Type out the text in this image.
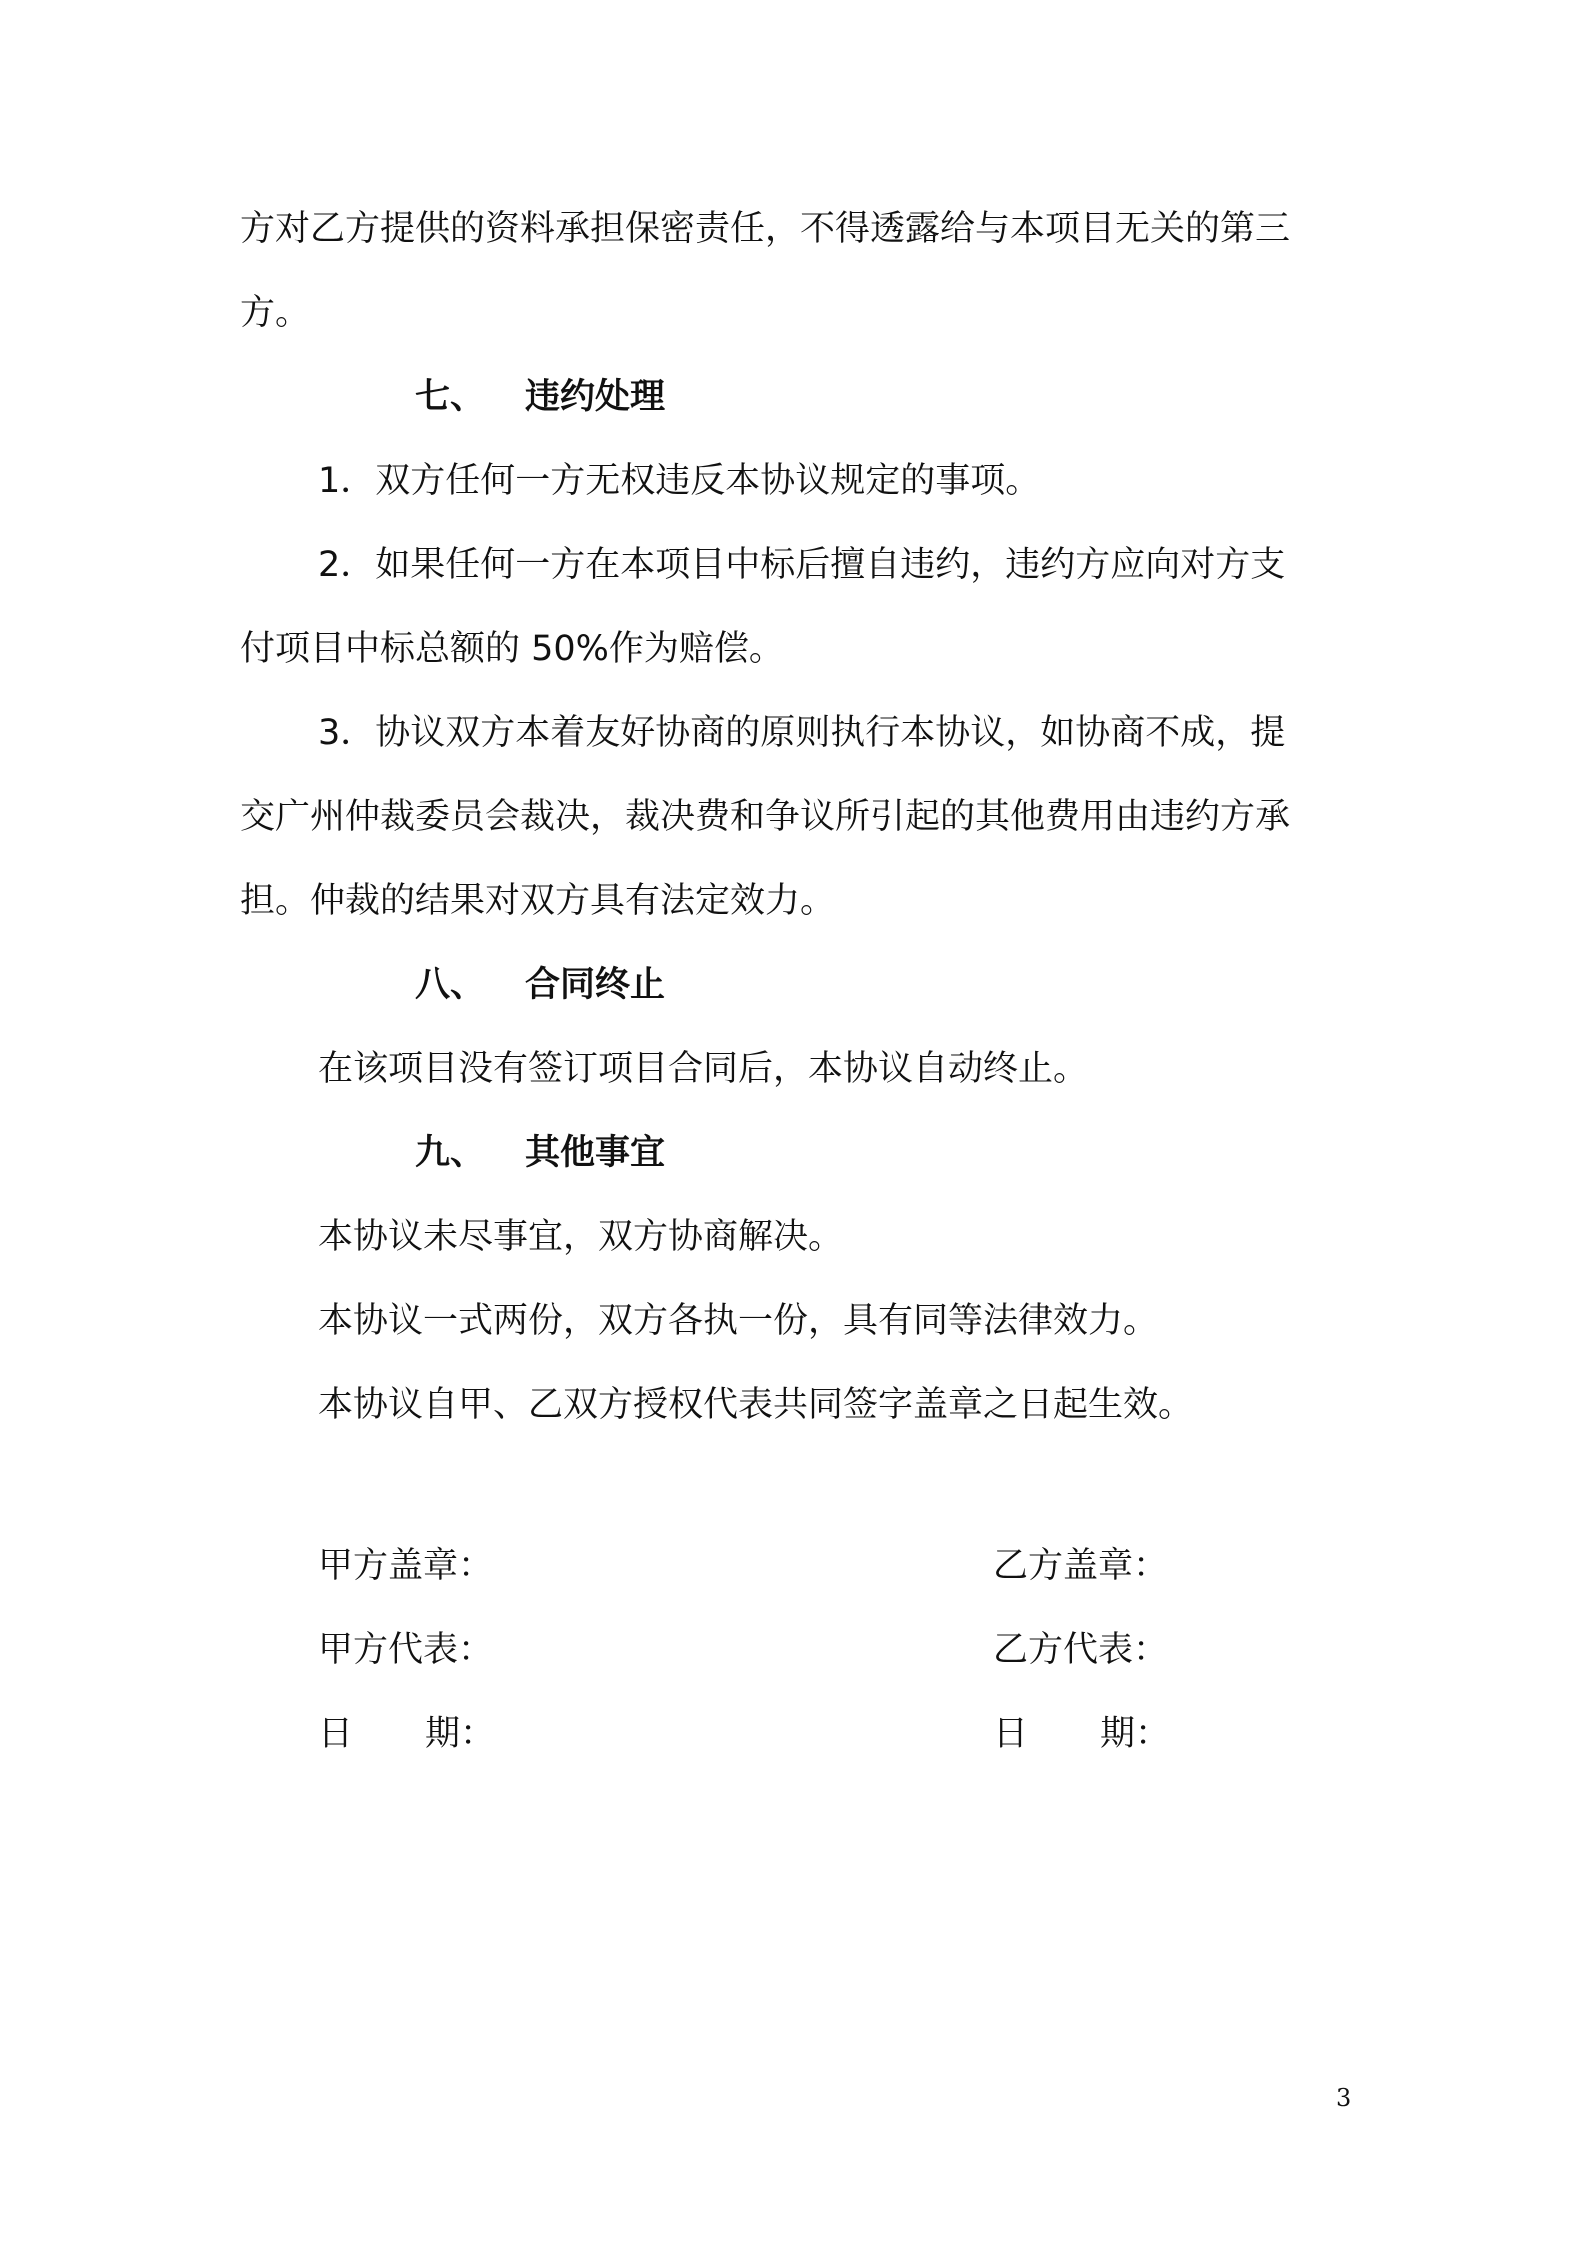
方对乙方提供的资料承担保密责任，不得透露给与本项目无关的第三
方。
七、 违约处理
1．双方任何一方无权违反本协议规定的事项。
2．如果任何一方在本项目中标后擅自违约，违约方应向对方支
付项目中标总额的 50%作为赔偿。
3．协议双方本着友好协商的原则执行本协议，如协商不成，提
交广州仲裁委员会裁决，裁决费和争议所引起的其他费用由违约方承
担。仲裁的结果对双方具有法定效力。
八、 合同终止
在该项目没有签订项目合同后，本协议自动终止。
九、 其他事宜
本协议未尽事宜，双方协商解决。
本协议一式两份，双方各执一份，具有同等法律效力。
本协议自甲、乙双方授权代表共同签字盖章之日起生效。
甲方盖章：	乙方盖章：
甲方代表：	乙方代表：
日 期：	日 期：
3
